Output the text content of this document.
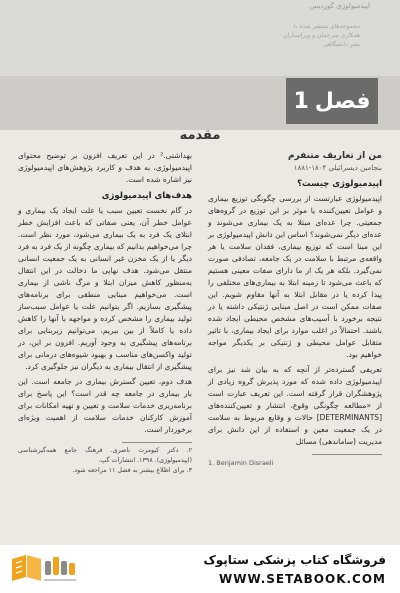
اپیدمیولوژی گوردیس
مجموعه‌های منتشر شده با
همکاری مترجمان و ویراستاران
نشر دانشگاهی
فصل
1
مقدمه
من از تعاریف متنفرم
بنجامین دیسرائیلی ۱۸۰۴-۱۸۸۱
اپیدمیولوژی چیست؟

اپیدمیولوژی عبارتست از بررسی چگونگی توزیع بیماری و عوامل تعیین‌کننده یا موثر بر این توزیع در گروه‌های جمعیتی. چرا عده‌ای مبتلا به یک بیماری می‌شوند و عده‌ای دیگر نمی‌شوند؟ اساس این دانش اپیدمیولوژی بر این مبنا است که توزیع بیماری، فقدان سلامت یا هر واقعه‌ی مرتبط با سلامت در یک جامعه، تصادفی صورت نمی‌گیرد. بلکه هر یک از ما دارای صفات معینی هستیم که باعث می‌شود تا زمینه ابتلا به بیماری‌های مختلفی را پیدا کرده یا در مقابل ابتلا به آنها مقاوم شویم. این صفات ممکن است در اصل مبنایی ژنتیکی داشته یا در نتیجه برخورد با آسیب‌های مشخص محیطی ایجاد شده باشند. احتمالاً در اغلب موارد برای ایجاد بیماری، با تاثیر متقابل عوامل محیطی و ژنتیکی بر یکدیگر مواجه خواهیم بود.

تعریفی گسترده‌تر از آنچه که به بیان شد نیز برای اپیدمیولوژی داده شده که مورد پذیرش گروه زیادی از پژوهشگران قرار گرفته است. این تعریف عبارت است از «مطالعه چگونگی وقوع، انتشار و تعیین‌کننده‌های [DETERMINANTS] حالات و وقایع مربوط به سلامت در یک جمعیت معین و استفاده از این دانش برای مدیریت (ساماندهی) مسائل

1. Benjamin Disraeli

بهداشتی.² در این تعریف افزون بر توضیح محتوای اپیدمیولوژی، به هدف و کاربرد پژوهش‌های اپیدمیولوژی نیز اشاره شده است.

هدف‌های اپیدمیولوژی

در گام نخست تعیین سبب یا علت ایجاد یک بیماری و عوامل خطر آن، یعنی صفاتی که باعث افزایش خطر ابتلای یک فرد به یک بیماری می‌شود، مورد نظر است. چرا می‌خواهیم بدانیم که بیماری چگونه از یک فرد به فرد دیگر یا از یک مخزن غیر انسانی به یک جمعیت انسانی منتقل می‌شود. هدف نهایی ما دخالت در این انتقال به‌منظور کاهش میزان ابتلا و مرگ ناشی از بیماری است. می‌خواهیم مبنایی منطقی برای برنامه‌های پیشگیری بسازیم. اگر بتوانیم علت یا عوامل سبب‌ساز تولید بیماری را مشخص کرده و مواجهه با آنها را کاهش داده یا کاملاً از بین ببریم، می‌توانیم زیربنایی برای برنامه‌های پیشگیری به وجود آوریم. افزون بر این، در تولید واکسن‌های مناسب و بهبود شیوه‌های درمانی برای پیشگیری از انتقال بیماری به دیگران نیز جلوگیری کرد.

هدف دوم، تعیین گسترش بیماری در جامعه است. این بار بیماری در جامعه چه قدر است؟ این پاسخ برای برنامه‌ریزی خدمات سلامت و تعیین و تهیه امکانات برای آموزش کارکنان خدمات سلامت از اهمیت ویژه‌ای برخوردار است.

۲. دکتر کیومرث ناصری. فرهنگ جامع همه‌گیرشناسی (اپیدمیولوژی). ۱۳۹۸. انتشارات گپ.
۳. برای اطلاع بیشتر به فصل ۱۱ مراجعه شود.
فروشگاه کتاب پزشکی ستاپوک
WWW.SETABOOK.COM
